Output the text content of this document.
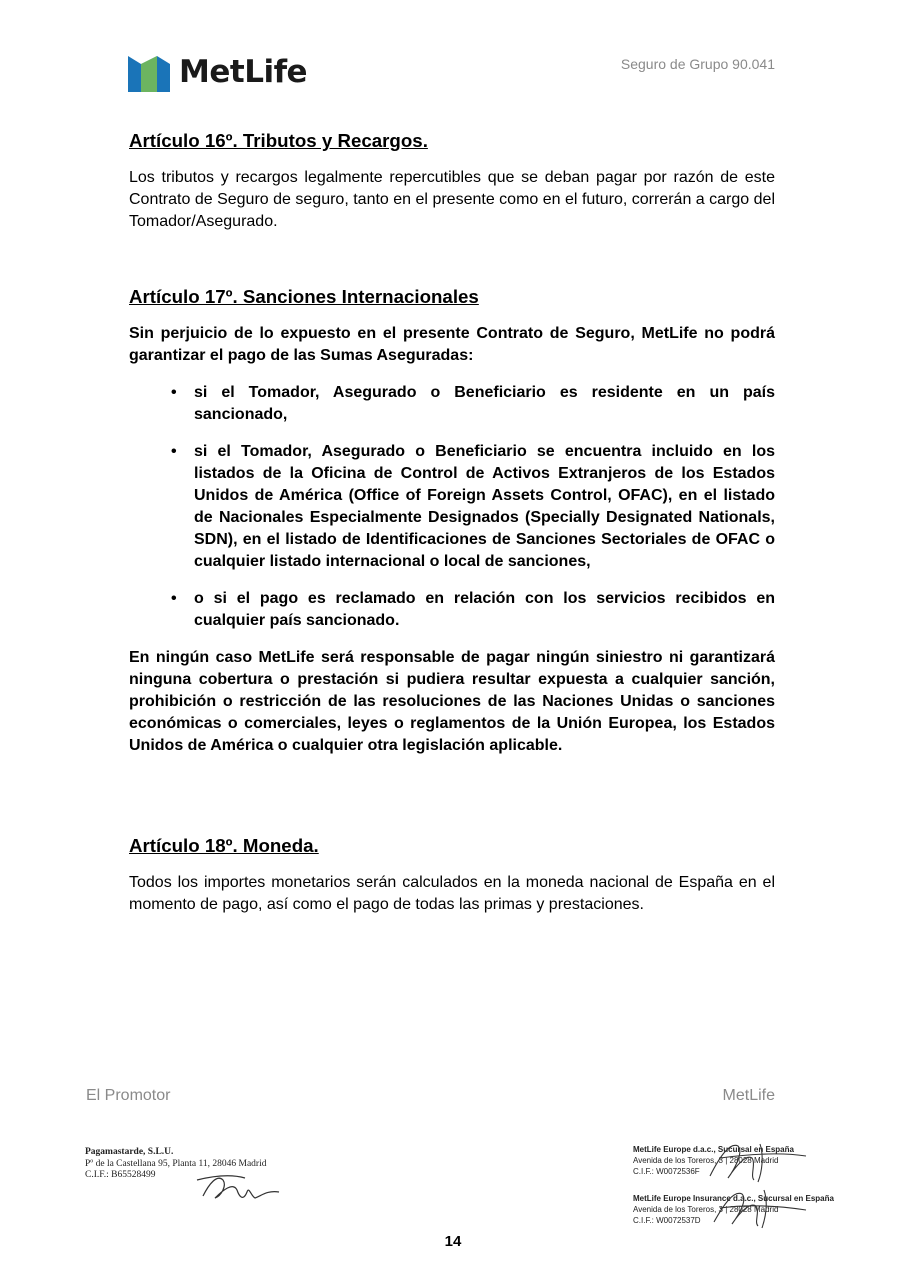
MetLife	Seguro de Grupo 90.041
Artículo 16º. Tributos y Recargos.

Los tributos y recargos legalmente repercutibles que se deban pagar por razón de este Contrato de Seguro de seguro, tanto en el presente como en el futuro, correrán a cargo del Tomador/Asegurado.

Artículo 17º. Sanciones Internacionales

Sin perjuicio de lo expuesto en el presente Contrato de Seguro, MetLife no podrá garantizar el pago de las Sumas Aseguradas:

• si el Tomador, Asegurado o Beneficiario es residente en un país sancionado,
• si el Tomador, Asegurado o Beneficiario se encuentra incluido en los listados de la Oficina de Control de Activos Extranjeros de los Estados Unidos de América (Office of Foreign Assets Control, OFAC), en el listado de Nacionales Especialmente Designados (Specially Designated Nationals, SDN), en el listado de Identificaciones de Sanciones Sectoriales de OFAC o cualquier listado internacional o local de sanciones,
• o si el pago es reclamado en relación con los servicios recibidos en cualquier país sancionado.

En ningún caso MetLife será responsable de pagar ningún siniestro ni garantizará ninguna cobertura o prestación si pudiera resultar expuesta a cualquier sanción, prohibición o restricción de las resoluciones de las Naciones Unidas o sanciones económicas o comerciales, leyes o reglamentos de la Unión Europea, los Estados Unidos de América o cualquier otra legislación aplicable.

Artículo 18º. Moneda.

Todos los importes monetarios serán calculados en la moneda nacional de España en el momento de pago, así como el pago de todas las primas y prestaciones.

El Promotor	MetLife
Pagamastarde, S.L.U.
Pº de la Castellana 95, Planta 11, 28046 Madrid
C.I.F.: B65528499
MetLife Europe d.a.c., Sucursal en España
Avenida de los Toreros, 3 | 28028 Madrid
C.I.F.: W0072536F
MetLife Europe Insurance d.a.c., Sucursal en España
Avenida de los Toreros, 3 | 28028 Madrid
C.I.F.: W0072537D
14
